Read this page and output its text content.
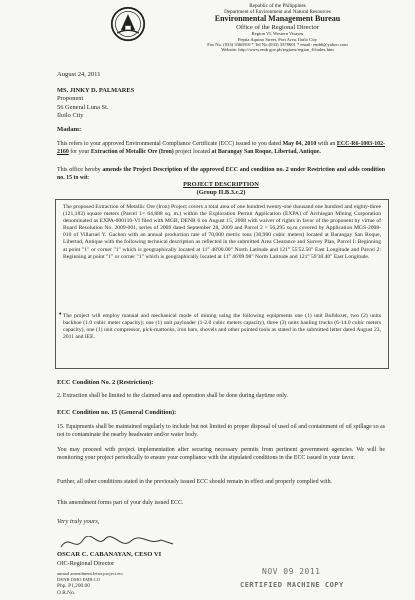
Republic of the Philippines
Department of Environment and Natural Resources
Environmental Management Bureau
Office of the Regional Director
Region VI, Western Visayas
Pepita Aquino Street, Port Area, Iloilo City
Fax No. (033) 3366910 * Tel No.(033) 3378601 * email: emb6@yahoo.com
Website: http://www.emb.gov.ph/regions/region_6/index.htm
August 24, 2011
MS. JINKY D. PALMARES
Proponent
56 General Luna St.
Iloilo City
Madam:
This refers to your approved Environmental Compliance Certificate (ECC) issued to you dated May 04, 2010 with an ECC-R6-1003-102-2160 for your Extraction of Metallic Ore (Iron) project located at Barangay San Roque, Libertad, Antique.
This office hereby amends the Project Description of the approved ECC and condition no. 2 under Restriction and adds condition no. 15 to wit:
PROJECT DESCRIPTION
(Group II.B.3.c.2)
The proposed Extraction of Metallic Ore (Iron) Project covers a total area of one hundred twenty-one thousand one hundred and eighty-three (121,183) square meters (Parcel 1= 64,888 sq. m.) within the Exploration Permit Application (EXPA) of Archiegan Mining Corporation denominated as EXPA-000110-VI filed with MGB, DENR 6 on August 15, 2008 with waiver of rights in favor of the proponent by virtue of Board Resolution No. 2009-001, series of 2009 dated September 28, 2009 and Parcel 2 = 56,295 sq.m covered by Application MGS-2008-010 of Villaruel Y. Gachon with an annual production rate of 70,000 metric tons (30,900 cubic meters) located at Barangay San Roque, Libertad, Antique with the following technical description as reflected in the submitted Area Clearance and Survey Plan, Parcel I: Beginning at point "1" or corner "1" which is geographically located at 11° 48'00.00" North Latitude and 121° 55'52.50" East Longitude and Parcel 2: Beginning at point "1" or corner "1" which is geographically located at 11° 46'09.98" North Latitude and 121° 59'38.40" East Longitude.
• The project will employ manual and mechanical mode of mining using the following equipments one (1) unit Bulldozer, two (2) units backhoe (1.0 cubic meter capacity); one (1) unit payloader (1-2.0 cubic meters capacity), three (3) units hauling trucks (6-14.0 cubic meters capacity), one (1) unit compressor, pick-mattocks, iron bars, shovels and other pointed tools as stated in the submitted letter dated August 23, 2011 and IEE.
ECC Condition No. 2 (Restriction):
2. Extraction shall be limited to the claimed area and operation shall be done during daytime only.
ECC Condition no. 15 (General Condition):
15. Equipments shall be maintained regularly to include but not limited to proper disposal of used oil and containment of oil spillage so as not to contaminate the nearby headwater and/or water body.
You may proceed with project implementation after securing necessary permits from pertinent government agencies. We will be monitoring your project periodically to ensure your compliance with the stipulated conditions in the ECC issued in your favor.
Further, all other conditions stated in the previously issued ECC should remain in effect and properly complied with.
This amendment forms part of your duly issued ECC.
Very truly yours,
OSCAR C. CABANAYAN, CESO VI
OIC-Regional Director
annual amendment.letter.project.ecc
DENR DMO EMB.CO
Php. P1,200.00
O.R.No.
NOV 09 2011
CERTIFIED MACHINE COPY
